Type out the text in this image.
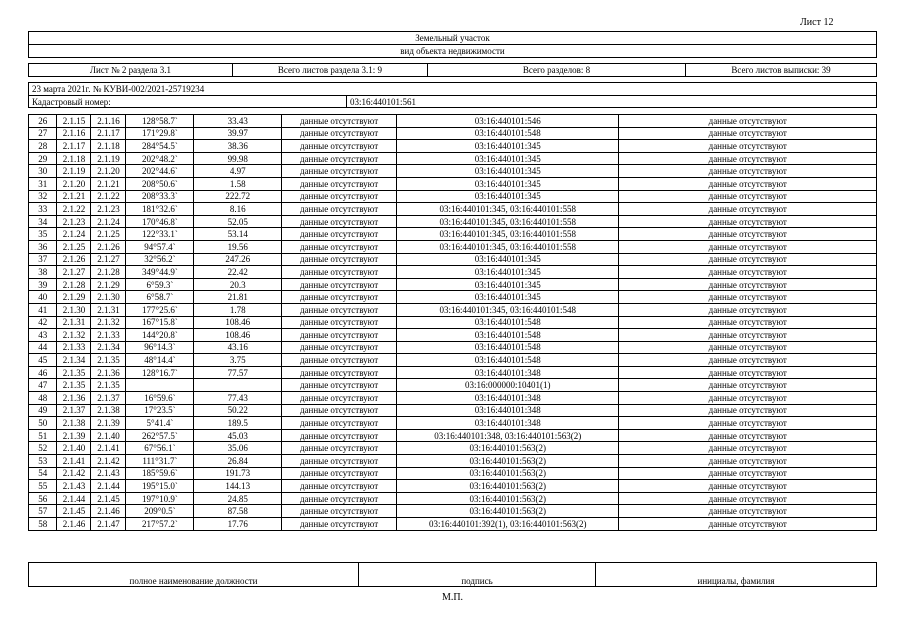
Лист 12
Земельный участок
вид объекта недвижимости
Лист № 2 раздела 3.1	Всего листов раздела 3.1: 9	Всего разделов: 8	Всего листов выписки: 39
23 марта 2021г. № КУВИ-002/2021-25719234
Кадастровый номер:	03:16:440101:561
26	2.1.15	2.1.16	128°58.7`	33.43	данные отсутствуют	03:16:440101:546	данные отсутствуют
27	2.1.16	2.1.17	171°29.8`	39.97	данные отсутствуют	03:16:440101:548	данные отсутствуют
28	2.1.17	2.1.18	284°54.5`	38.36	данные отсутствуют	03:16:440101:345	данные отсутствуют
29	2.1.18	2.1.19	202°48.2`	99.98	данные отсутствуют	03:16:440101:345	данные отсутствуют
30	2.1.19	2.1.20	202°44.6`	4.97	данные отсутствуют	03:16:440101:345	данные отсутствуют
31	2.1.20	2.1.21	208°50.6`	1.58	данные отсутствуют	03:16:440101:345	данные отсутствуют
32	2.1.21	2.1.22	208°33.3`	222.72	данные отсутствуют	03:16:440101:345	данные отсутствуют
33	2.1.22	2.1.23	181°32.6`	8.16	данные отсутствуют	03:16:440101:345, 03:16:440101:558	данные отсутствуют
34	2.1.23	2.1.24	170°46.8`	52.05	данные отсутствуют	03:16:440101:345, 03:16:440101:558	данные отсутствуют
35	2.1.24	2.1.25	122°33.1`	53.14	данные отсутствуют	03:16:440101:345, 03:16:440101:558	данные отсутствуют
36	2.1.25	2.1.26	94°57.4`	19.56	данные отсутствуют	03:16:440101:345, 03:16:440101:558	данные отсутствуют
37	2.1.26	2.1.27	32°56.2`	247.26	данные отсутствуют	03:16:440101:345	данные отсутствуют
38	2.1.27	2.1.28	349°44.9`	22.42	данные отсутствуют	03:16:440101:345	данные отсутствуют
39	2.1.28	2.1.29	6°59.3`	20.3	данные отсутствуют	03:16:440101:345	данные отсутствуют
40	2.1.29	2.1.30	6°58.7`	21.81	данные отсутствуют	03:16:440101:345	данные отсутствуют
41	2.1.30	2.1.31	177°25.6`	1.78	данные отсутствуют	03:16:440101:345, 03:16:440101:548	данные отсутствуют
42	2.1.31	2.1.32	167°15.8`	108.46	данные отсутствуют	03:16:440101:548	данные отсутствуют
43	2.1.32	2.1.33	144°20.8`	108.46	данные отсутствуют	03:16:440101:548	данные отсутствуют
44	2.1.33	2.1.34	96°14.3`	43.16	данные отсутствуют	03:16:440101:548	данные отсутствуют
45	2.1.34	2.1.35	48°14.4`	3.75	данные отсутствуют	03:16:440101:548	данные отсутствуют
46	2.1.35	2.1.36	128°16.7`	77.57	данные отсутствуют	03:16:440101:348	данные отсутствуют
47	2.1.35	2.1.35			данные отсутствуют	03:16:000000:10401(1)	данные отсутствуют
48	2.1.36	2.1.37	16°59.6`	77.43	данные отсутствуют	03:16:440101:348	данные отсутствуют
49	2.1.37	2.1.38	17°23.5`	50.22	данные отсутствуют	03:16:440101:348	данные отсутствуют
50	2.1.38	2.1.39	5°41.4`	189.5	данные отсутствуют	03:16:440101:348	данные отсутствуют
51	2.1.39	2.1.40	262°57.5`	45.03	данные отсутствуют	03:16:440101:348, 03:16:440101:563(2)	данные отсутствуют
52	2.1.40	2.1.41	67°56.1`	35.06	данные отсутствуют	03:16:440101:563(2)	данные отсутствуют
53	2.1.41	2.1.42	111°31.7`	26.84	данные отсутствуют	03:16:440101:563(2)	данные отсутствуют
54	2.1.42	2.1.43	185°59.6`	191.73	данные отсутствуют	03:16:440101:563(2)	данные отсутствуют
55	2.1.43	2.1.44	195°15.0`	144.13	данные отсутствуют	03:16:440101:563(2)	данные отсутствуют
56	2.1.44	2.1.45	197°10.9`	24.85	данные отсутствуют	03:16:440101:563(2)	данные отсутствуют
57	2.1.45	2.1.46	209°0.5`	87.58	данные отсутствуют	03:16:440101:563(2)	данные отсутствуют
58	2.1.46	2.1.47	217°57.2`	17.76	данные отсутствуют	03:16:440101:392(1), 03:16:440101:563(2)	данные отсутствуют
полное наименование должности	подпись	инициалы, фамилия
М.П.
